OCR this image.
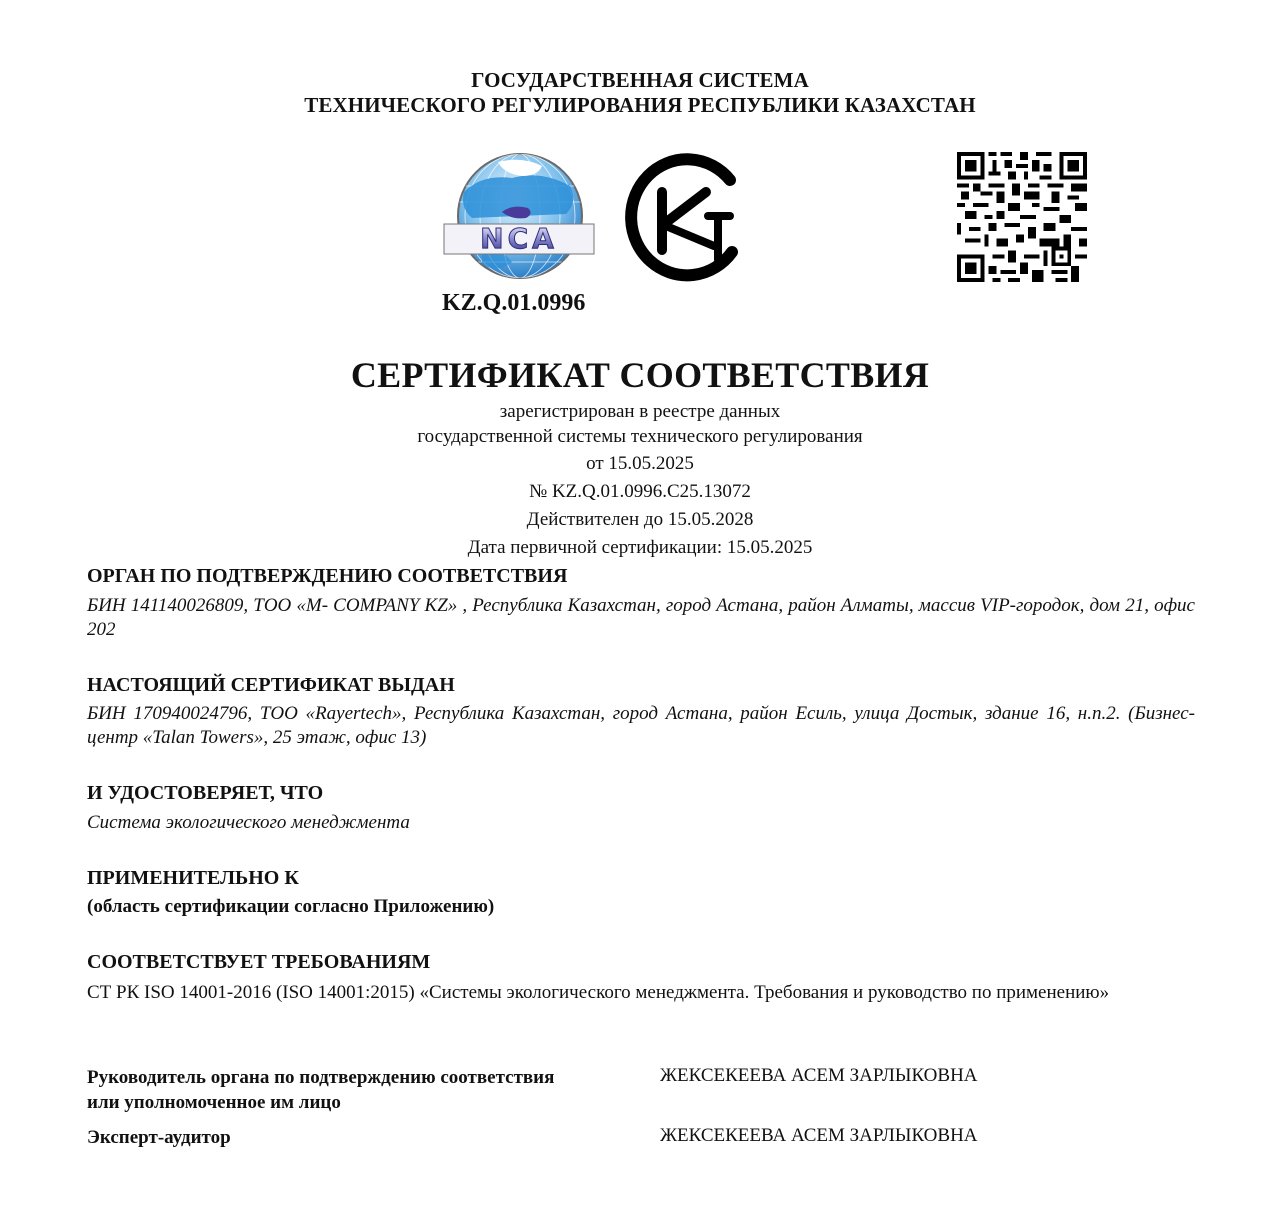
ГОСУДАРСТВЕННАЯ СИСТЕМА
ТЕХНИЧЕСКОГО РЕГУЛИРОВАНИЯ РЕСПУБЛИКИ КАЗАХСТАН
NCA
KZ.Q.01.0996
СЕРТИФИКАТ СООТВЕТСТВИЯ
зарегистрирован в реестре данных
государственной системы технического регулирования
от 15.05.2025
№ KZ.Q.01.0996.C25.13072
Действителен до 15.05.2028
Дата первичной сертификации: 15.05.2025
ОРГАН ПО ПОДТВЕРЖДЕНИЮ СООТВЕТСТВИЯ
БИН 141140026809, ТОО «M- COMPANY KZ» , Республика Казахстан, город Астана, район Алматы, массив VIP-городок, дом 21, офис 202
НАСТОЯЩИЙ СЕРТИФИКАТ ВЫДАН
БИН 170940024796, ТОО «Rayertech», Республика Казахстан, город Астана, район Есиль, улица Достык, здание 16, н.п.2. (Бизнес-центр «Talan Towers», 25 этаж, офис 13)
И УДОСТОВЕРЯЕТ, ЧТО
Система экологического менеджмента
ПРИМЕНИТЕЛЬНО К
(область сертификации согласно Приложению)
СООТВЕТСТВУЕТ ТРЕБОВАНИЯМ
СТ РК ISO 14001-2016 (ISO 14001:2015) «Системы экологического менеджмента. Требования и руководство по применению»
Руководитель органа по подтверждению соответствия или уполномоченное им лицо
ЖЕКСЕКЕЕВА АСЕМ ЗАРЛЫКОВНА
Эксперт-аудитор	ЖЕКСЕКЕЕВА АСЕМ ЗАРЛЫКОВНА
